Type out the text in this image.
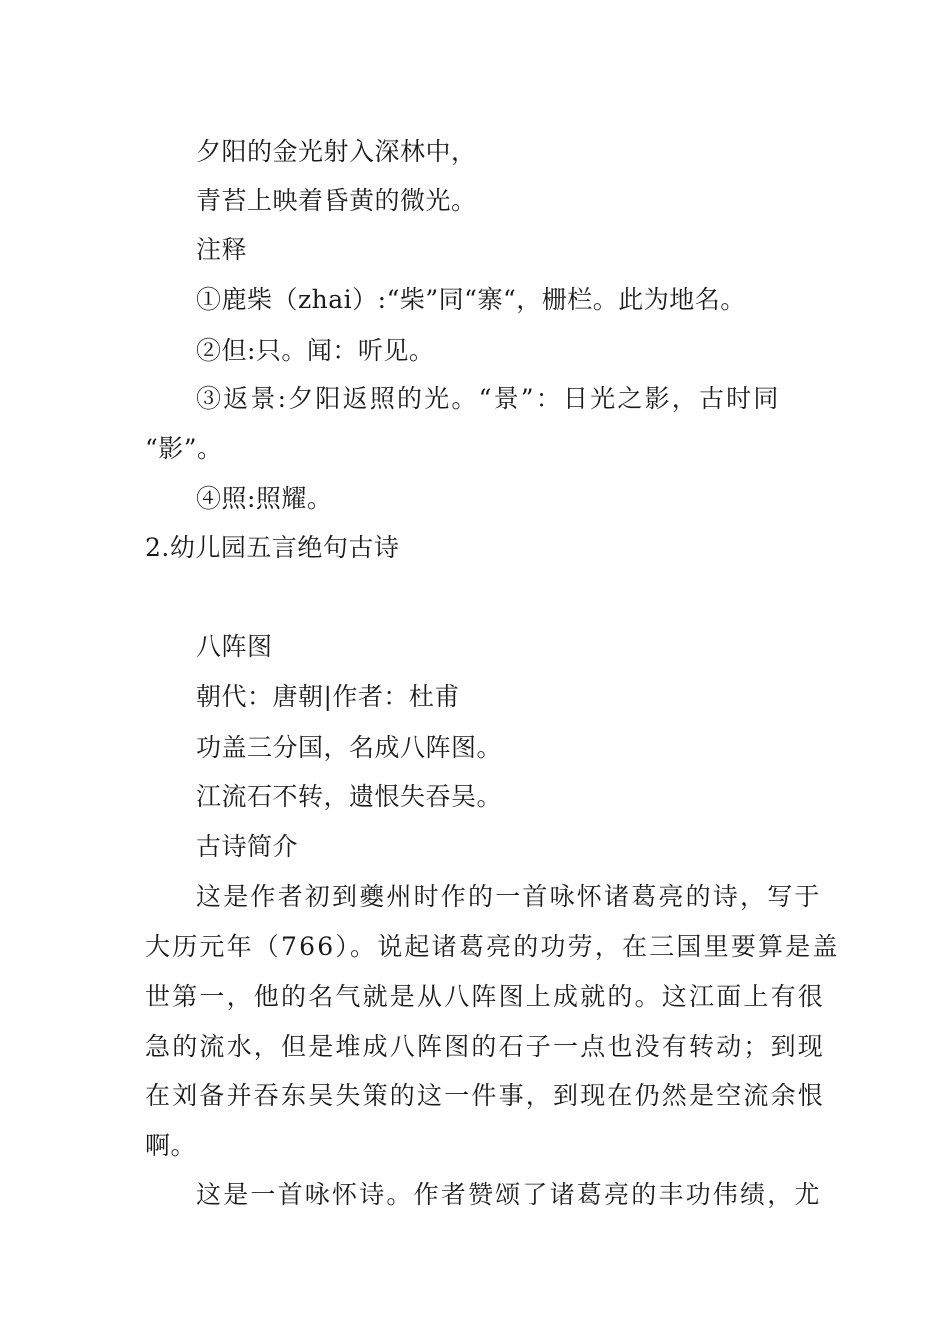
夕阳的金光射入深林中，
青苔上映着昏黄的微光。
注释
①鹿柴（zhai）:“柴”同“寨“，栅栏。此为地名。
②但:只。闻：听见。
③返景:夕阳返照的光。“景”：日光之影，古时同
“影”。
④照:照耀。
2.幼儿园五言绝句古诗
八阵图
朝代：唐朝|作者：杜甫
功盖三分国，名成八阵图。
江流石不转，遗恨失吞吴。
古诗简介
这是作者初到夔州时作的一首咏怀诸葛亮的诗，写于
大历元年（766）。说起诸葛亮的功劳，在三国里要算是盖
世第一，他的名气就是从八阵图上成就的。这江面上有很
急的流水，但是堆成八阵图的石子一点也没有转动；到现
在刘备并吞东吴失策的这一件事，到现在仍然是空流余恨
啊。
这是一首咏怀诗。作者赞颂了诸葛亮的丰功伟绩，尤
